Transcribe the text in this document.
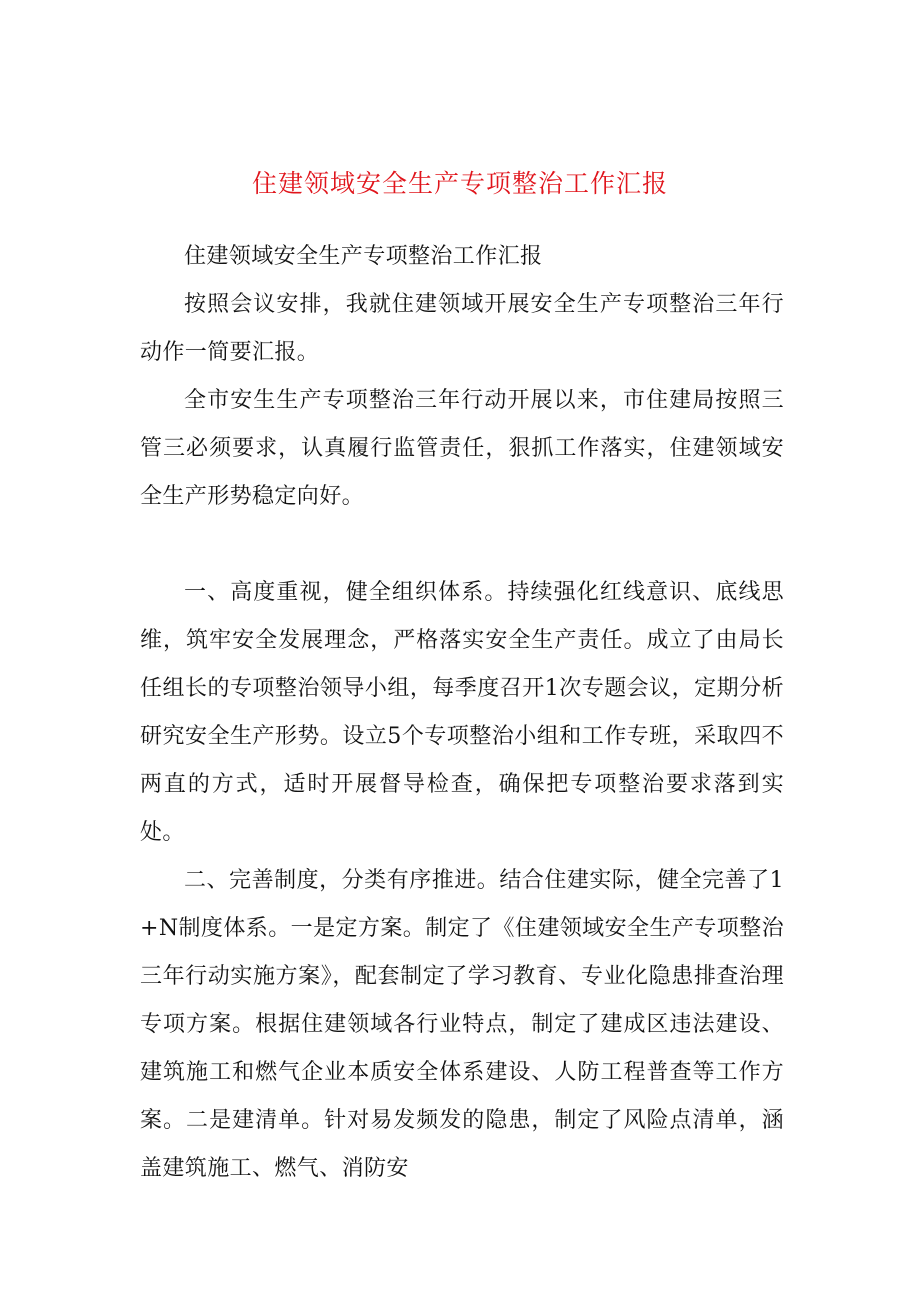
住建领域安全生产专项整治工作汇报

住建领域安全生产专项整治工作汇报

按照会议安排，我就住建领域开展安全生产专项整治三年行动作一简要汇报。

全市安生生产专项整治三年行动开展以来，市住建局按照三管三必须要求，认真履行监管责任，狠抓工作落实，住建领域安全生产形势稳定向好。

一、高度重视，健全组织体系。持续强化红线意识、底线思维，筑牢安全发展理念，严格落实安全生产责任。成立了由局长任组长的专项整治领导小组，每季度召开1次专题会议，定期分析研究安全生产形势。设立5个专项整治小组和工作专班，采取四不两直的方式，适时开展督导检查，确保把专项整治要求落到实处。

二、完善制度，分类有序推进。结合住建实际，健全完善了1+N制度体系。一是定方案。制定了《住建领域安全生产专项整治三年行动实施方案》，配套制定了学习教育、专业化隐患排查治理专项方案。根据住建领域各行业特点，制定了建成区违法建设、建筑施工和燃气企业本质安全体系建设、人防工程普查等工作方案。二是建清单。针对易发频发的隐患，制定了风险点清单，涵盖建筑施工、燃气、消防安
